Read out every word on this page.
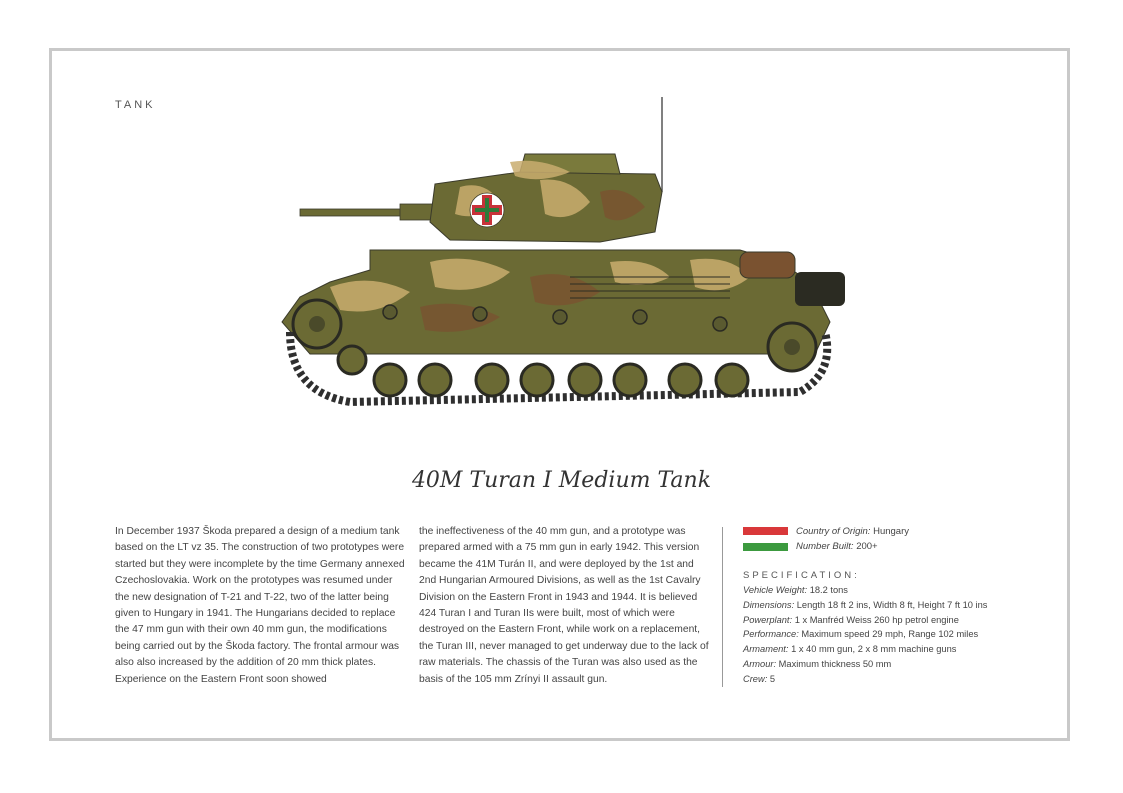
TANK
40M Turan I Medium Tank
In December 1937 Škoda prepared a design of a medium tank based on the LT vz 35. The construction of two prototypes were started but they were incomplete by the time Germany annexed Czechoslovakia. Work on the prototypes was resumed under the new designation of T-21 and T-22, two of the latter being given to Hungary in 1941. The Hungarians decided to replace the 47 mm gun with their own 40 mm gun, the modifications being carried out by the Škoda factory. The frontal armour was also also increased by the addition of 20 mm thick plates. Experience on the Eastern Front soon showed
the ineffectiveness of the 40 mm gun, and a prototype was prepared armed with a 75 mm gun in early 1942. This version became the 41M Turán II, and were deployed by the 1st and 2nd Hungarian Armoured Divisions, as well as the 1st Cavalry Division on the Eastern Front in 1943 and 1944. It is believed 424 Turan I and Turan IIs were built, most of which were destroyed on the Eastern Front, while work on a replacement, the Turan III, never managed to get underway due to the lack of raw materials. The chassis of the Turan was also used as the basis of the 105 mm Zrínyi II assault gun.
Country of Origin: Hungary
Number Built: 200+
SPECIFICATION:
Vehicle Weight: 18.2 tons
Dimensions: Length 18 ft 2 ins, Width 8 ft, Height 7 ft 10 ins
Powerplant: 1 x Manfréd Weiss 260 hp petrol engine
Performance: Maximum speed 29 mph, Range 102 miles
Armament: 1 x 40 mm gun, 2 x 8 mm machine guns
Armour: Maximum thickness 50 mm
Crew: 5
